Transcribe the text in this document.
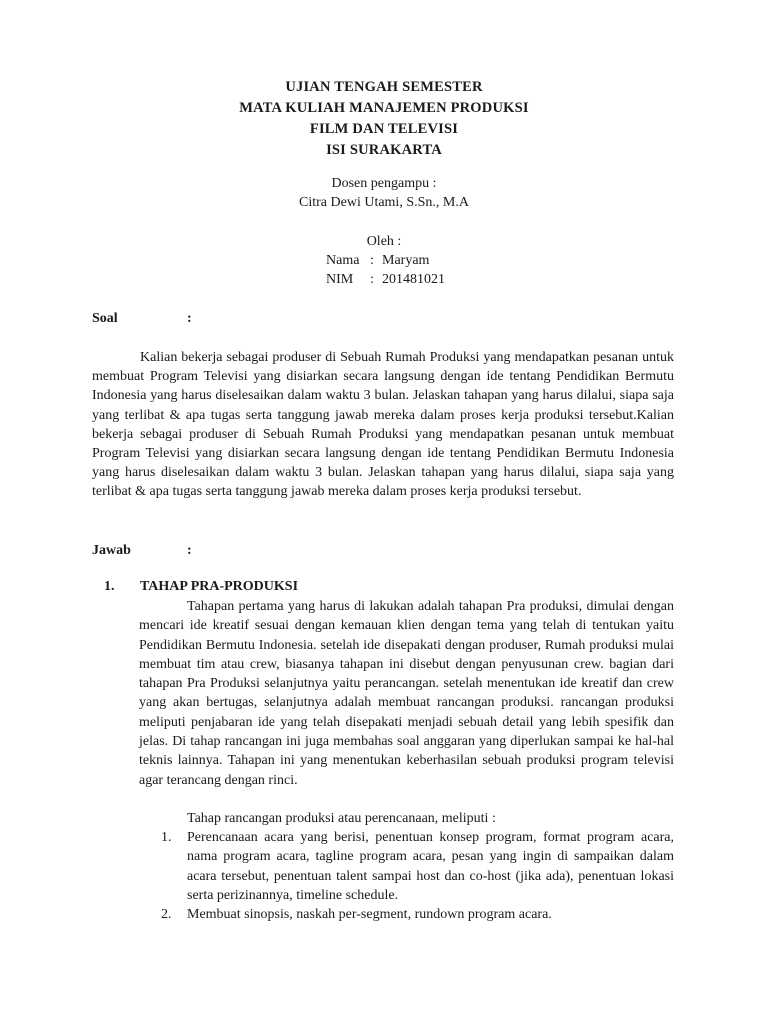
UJIAN TENGAH SEMESTER
MATA KULIAH MANAJEMEN PRODUKSI
FILM DAN TELEVISI
ISI SURAKARTA
Dosen pengampu :
Citra Dewi Utami, S.Sn., M.A
Oleh :
Nama : Maryam
NIM	: 201481021
Soal	:
Kalian bekerja sebagai produser di Sebuah Rumah Produksi yang mendapatkan pesanan untuk membuat Program Televisi yang disiarkan secara langsung dengan ide tentang Pendidikan Bermutu Indonesia yang harus diselesaikan dalam waktu 3 bulan. Jelaskan tahapan yang harus dilalui, siapa saja yang terlibat & apa tugas serta tanggung jawab mereka dalam proses kerja produksi tersebut.Kalian bekerja sebagai produser di Sebuah Rumah Produksi yang mendapatkan pesanan untuk membuat Program Televisi yang disiarkan secara langsung dengan ide tentang Pendidikan Bermutu Indonesia yang harus diselesaikan dalam waktu 3 bulan. Jelaskan tahapan yang harus dilalui, siapa saja yang terlibat & apa tugas serta tanggung jawab mereka dalam proses kerja produksi tersebut.
Jawab	:
1. TAHAP PRA-PRODUKSI
Tahapan pertama yang harus di lakukan adalah tahapan Pra produksi, dimulai dengan mencari ide kreatif sesuai dengan kemauan klien dengan tema yang telah di tentukan yaitu Pendidikan Bermutu Indonesia. setelah ide disepakati dengan produser, Rumah produksi mulai membuat tim atau crew, biasanya tahapan ini disebut dengan penyusunan crew. bagian dari tahapan Pra Produksi selanjutnya yaitu perancangan. setelah menentukan ide kreatif dan crew yang akan bertugas, selanjutnya adalah membuat rancangan produksi. rancangan produksi meliputi penjabaran ide yang telah disepakati menjadi sebuah detail yang lebih spesifik dan jelas. Di tahap rancangan ini juga membahas soal anggaran yang diperlukan sampai ke hal-hal teknis lainnya. Tahapan ini yang menentukan keberhasilan sebuah produksi program televisi agar terancang dengan rinci.
Tahap rancangan produksi atau perencanaan, meliputi :
1.	Perencanaan acara yang berisi, penentuan konsep program, format program acara, nama program acara, tagline program acara, pesan yang ingin di sampaikan dalam acara tersebut, penentuan talent sampai host dan co-host (jika ada), penentuan lokasi serta perizinannya, timeline schedule.
2.	Membuat sinopsis, naskah per-segment, rundown program acara.
